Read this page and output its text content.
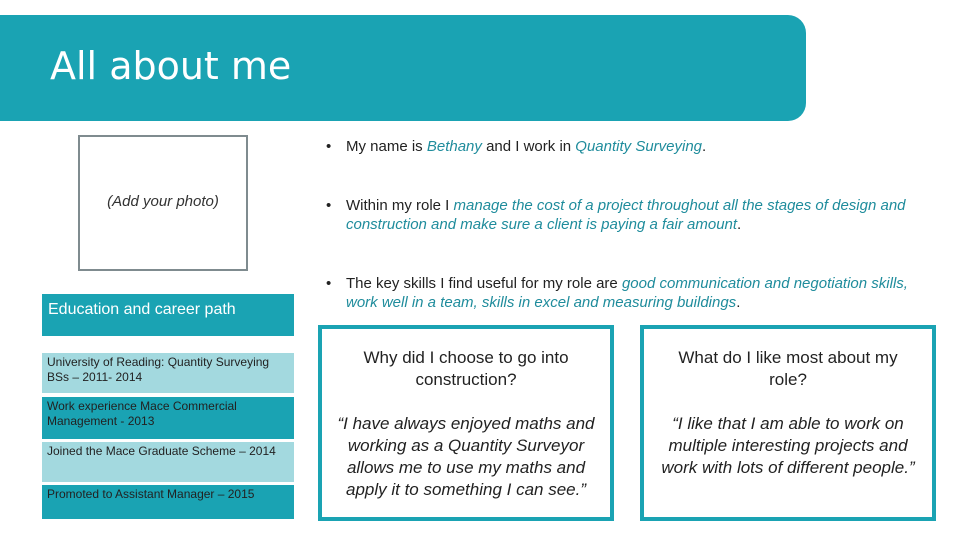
All about me
(Add your photo)
• My name is Bethany and I work in Quantity Surveying.
• Within my role I manage the cost of a project throughout all the stages of design and construction and make sure a client is paying a fair amount.
• The key skills I find useful for my role are good communication and negotiation skills, work well in a team, skills in excel and measuring buildings.
Education and career path
University of Reading: Quantity Surveying BSs – 2011- 2014
Work experience Mace Commercial Management - 2013
Joined the Mace Graduate Scheme – 2014
Promoted to Assistant Manager – 2015
Why did I choose to go into construction?
“I have always enjoyed maths and working as a Quantity Surveyor allows me to use my maths and apply it to something I can see.”
What do I like most about my role?
“I like that I am able to work on multiple interesting projects and work with lots of different people.”
